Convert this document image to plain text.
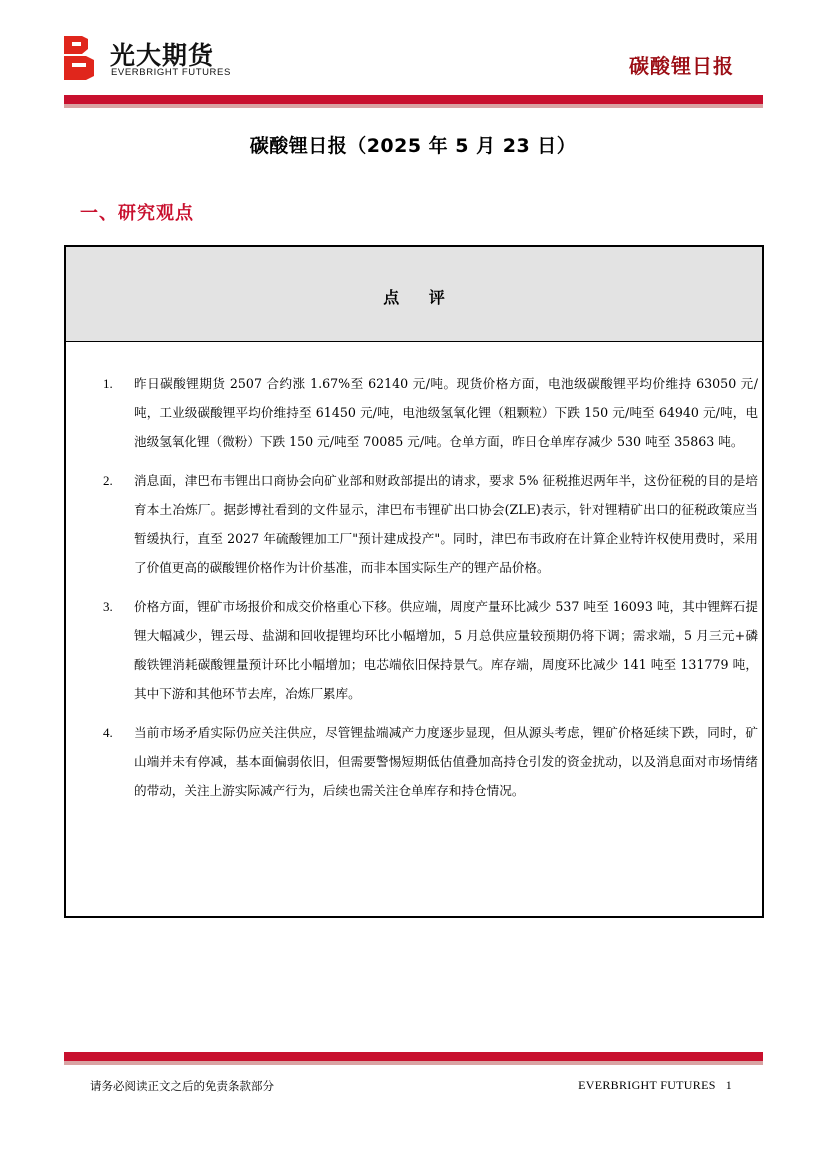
光大期货
EVERBRIGHT FUTURES	碳酸锂日报
碳酸锂日报（2025 年 5 月 23 日）
一、研究观点
点 评
1. 昨日碳酸锂期货 2507 合约涨 1.67%至 62140 元/吨。现货价格方面，电池级碳酸锂平均价维持 63050 元/吨，工业级碳酸锂平均价维持至 61450 元/吨，电池级氢氧化锂（粗颗粒）下跌 150 元/吨至 64940 元/吨，电池级氢氧化锂（微粉）下跌 150 元/吨至 70085 元/吨。仓单方面，昨日仓单库存减少 530 吨至 35863 吨。
2. 消息面，津巴布韦锂出口商协会向矿业部和财政部提出的请求，要求 5% 征税推迟两年半，这份征税的目的是培育本土冶炼厂。据彭博社看到的文件显示，津巴布韦锂矿出口协会(ZLE)表示，针对锂精矿出口的征税政策应当暂缓执行，直至 2027 年硫酸锂加工厂"预计建成投产"。同时，津巴布韦政府在计算企业特许权使用费时，采用了价值更高的碳酸锂价格作为计价基准，而非本国实际生产的锂产品价格。
3. 价格方面，锂矿市场报价和成交价格重心下移。供应端，周度产量环比减少 537 吨至 16093 吨，其中锂辉石提锂大幅减少，锂云母、盐湖和回收提锂均环比小幅增加，5 月总供应量较预期仍将下调；需求端，5 月三元+磷酸铁锂消耗碳酸锂量预计环比小幅增加；电芯端依旧保持景气。库存端，周度环比减少 141 吨至 131779 吨，其中下游和其他环节去库，冶炼厂累库。
4. 当前市场矛盾实际仍应关注供应，尽管锂盐端减产力度逐步显现，但从源头考虑，锂矿价格延续下跌，同时，矿山端并未有停减，基本面偏弱依旧，但需要警惕短期低估值叠加高持仓引发的资金扰动，以及消息面对市场情绪的带动，关注上游实际减产行为，后续也需关注仓单库存和持仓情况。
请务必阅读正文之后的免责条款部分	EVERBRIGHT FUTURES 1
